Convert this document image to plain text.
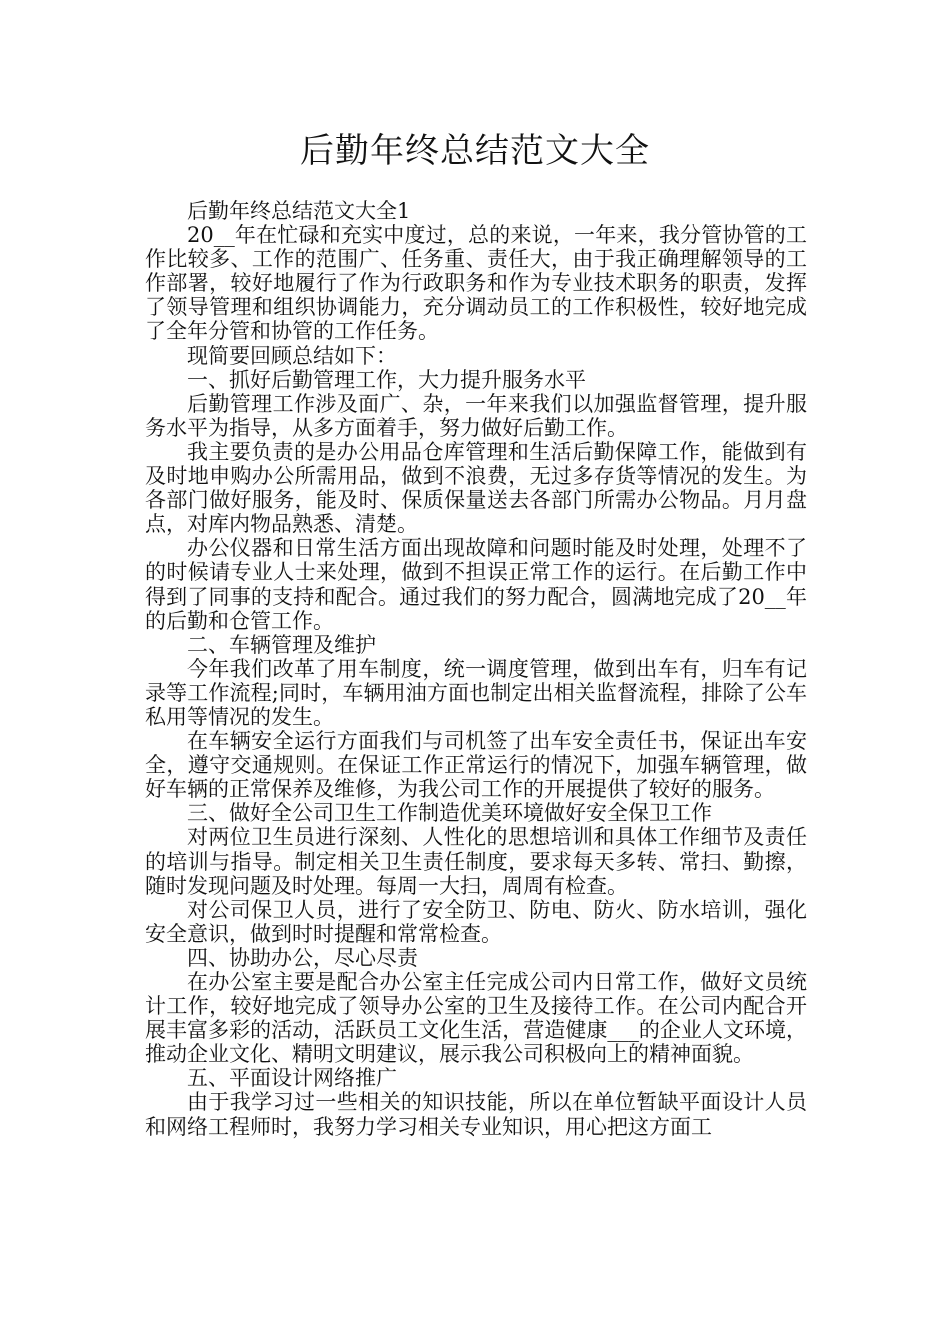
后勤年终总结范文大全

后勤年终总结范文大全1

20__年在忙碌和充实中度过，总的来说，一年来，我分管协管的工作比较多、工作的范围广、任务重、责任大，由于我正确理解领导的工作部署，较好地履行了作为行政职务和作为专业技术职务的职责，发挥了领导管理和组织协调能力，充分调动员工的工作积极性，较好地完成了全年分管和协管的工作任务。

现简要回顾总结如下：

一、抓好后勤管理工作，大力提升服务水平

后勤管理工作涉及面广、杂，一年来我们以加强监督管理，提升服务水平为指导，从多方面着手，努力做好后勤工作。

我主要负责的是办公用品仓库管理和生活后勤保障工作，能做到有及时地申购办公所需用品，做到不浪费，无过多存货等情况的发生。为各部门做好服务，能及时、保质保量送去各部门所需办公物品。月月盘点，对库内物品熟悉、清楚。

办公仪器和日常生活方面出现故障和问题时能及时处理，处理不了的时候请专业人士来处理，做到不担误正常工作的运行。在后勤工作中得到了同事的支持和配合。通过我们的努力配合，圆满地完成了20__年的后勤和仓管工作。

二、车辆管理及维护

今年我们改革了用车制度，统一调度管理，做到出车有，归车有记录等工作流程;同时，车辆用油方面也制定出相关监督流程，排除了公车私用等情况的发生。

在车辆安全运行方面我们与司机签了出车安全责任书，保证出车安全，遵守交通规则。在保证工作正常运行的情况下，加强车辆管理，做好车辆的正常保养及维修，为我公司工作的开展提供了较好的服务。

三、做好全公司卫生工作制造优美环境做好安全保卫工作

对两位卫生员进行深刻、人性化的思想培训和具体工作细节及责任的培训与指导。制定相关卫生责任制度，要求每天多转、常扫、勤擦，随时发现问题及时处理。每周一大扫，周周有检查。

对公司保卫人员，进行了安全防卫、防电、防火、防水培训，强化安全意识，做到时时提醒和常常检查。

四、协助办公，尽心尽责

在办公室主要是配合办公室主任完成公司内日常工作，做好文员统计工作，较好地完成了领导办公室的卫生及接待工作。在公司内配合开展丰富多彩的活动，活跃员工文化生活，营造健康___的企业人文环境，推动企业文化、精明文明建议，展示我公司积极向上的精神面貌。

五、平面设计网络推广

由于我学习过一些相关的知识技能，所以在单位暂缺平面设计人员和网络工程师时，我努力学习相关专业知识，用心把这方面工
